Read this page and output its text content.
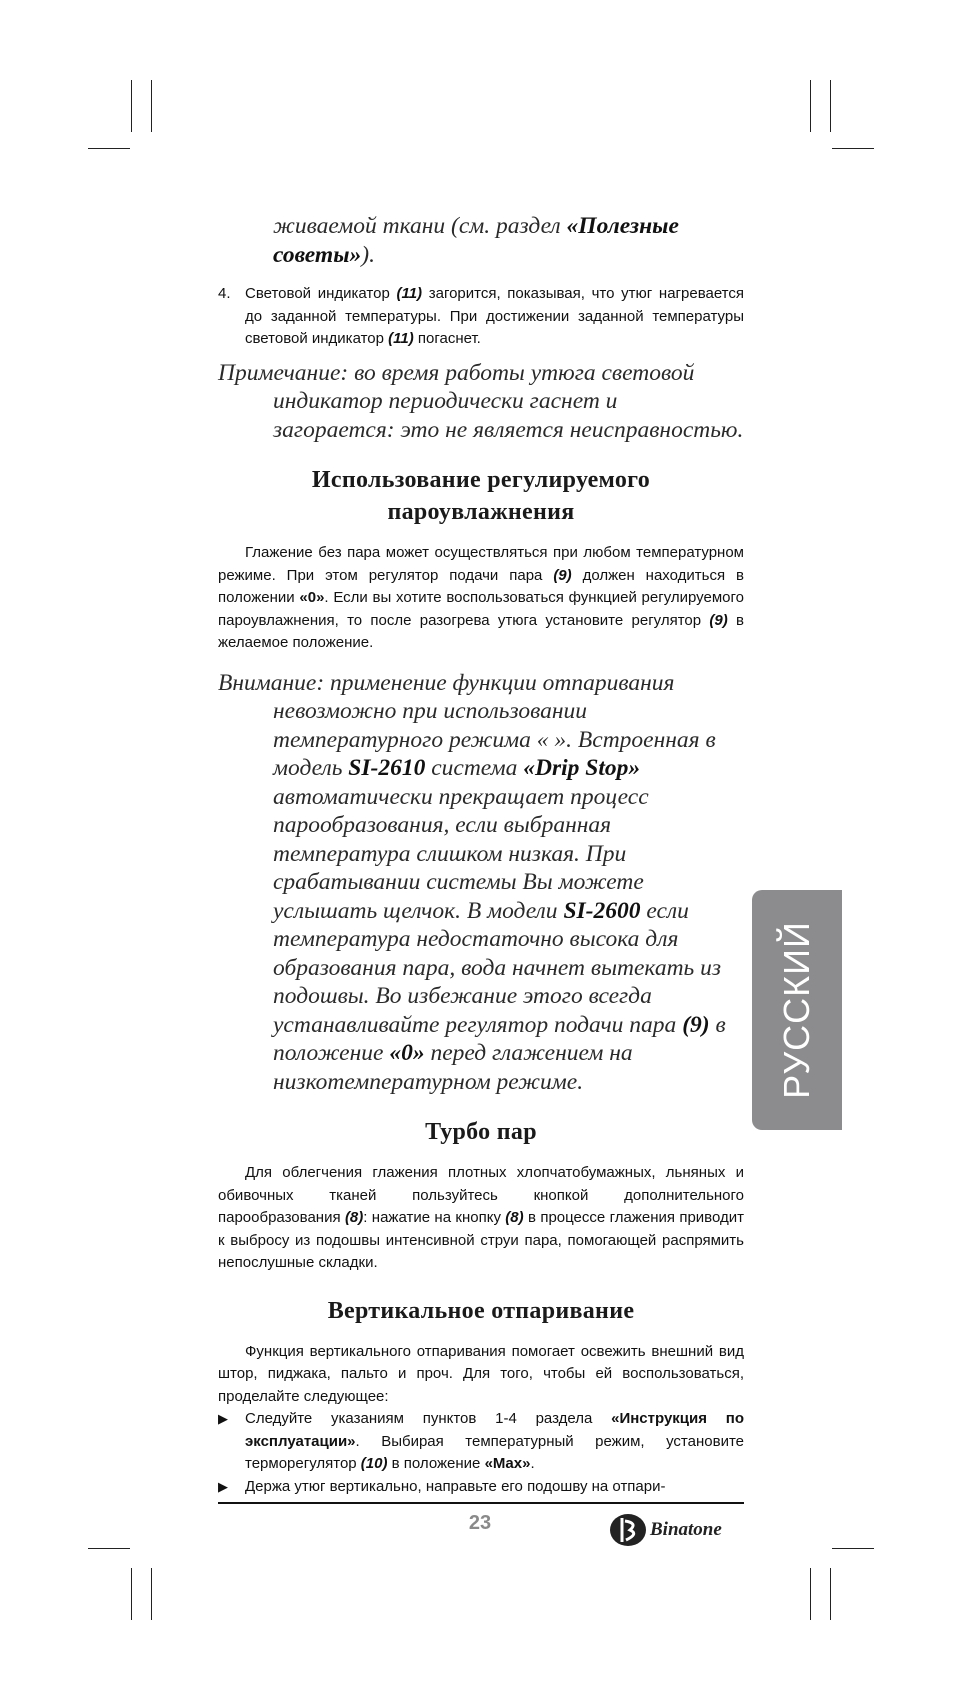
живаемой ткани (см. раздел «Полезные советы»).
4. Световой индикатор (11) загорится, показывая, что утюг нагревается до заданной температуры. При достижении заданной температуры световой индикатор (11) погаснет.
Примечание: во время работы утюга световой индикатор периодически гаснет и загорается: это не является неисправностью.
Использование регулируемого пароувлажнения
Глажение без пара может осуществляться при любом температурном режиме. При этом регулятор подачи пара (9) должен находиться в положении «0». Если вы хотите воспользоваться функцией регулируемого пароувлажнения, то после разогрева утюга установите регулятор (9) в желаемое положение.
Внимание: применение функции отпаривания невозможно при использовании температурного режима « ». Встроенная в модель SI-2610 система «Drip Stop» автоматически прекращает процесс парообразования, если выбранная температура слишком низкая. При срабатывании системы Вы можете услышать щелчок. В модели SI-2600 если температура недостаточно высока для образования пара, вода начнет вытекать из подошвы. Во избежание этого всегда устанавливайте регулятор подачи пара (9) в положение «0» перед глажением на низкотемпературном режиме.
Турбо пар
Для облегчения глажения плотных хлопчатобумажных, льняных и обивочных тканей пользуйтесь кнопкой дополнительного парообразования (8): нажатие на кнопку (8) в процессе глажения приводит к выбросу из подошвы интенсивной струи пара, помогающей распрямить непослушные складки.
Вертикальное отпаривание
Функция вертикального отпаривания помогает освежить внешний вид штор, пиджака, пальто и проч. Для того, чтобы ей воспользоваться, проделайте следующее:
▶ Следуйте указаниям пунктов 1-4 раздела «Инструкция по эксплуатации». Выбирая температурный режим, установите терморегулятор (10) в положение «Max».
▶ Держа утюг вертикально, направьте его подошву на отпари-
РУССКИЙ
23	Binatone
